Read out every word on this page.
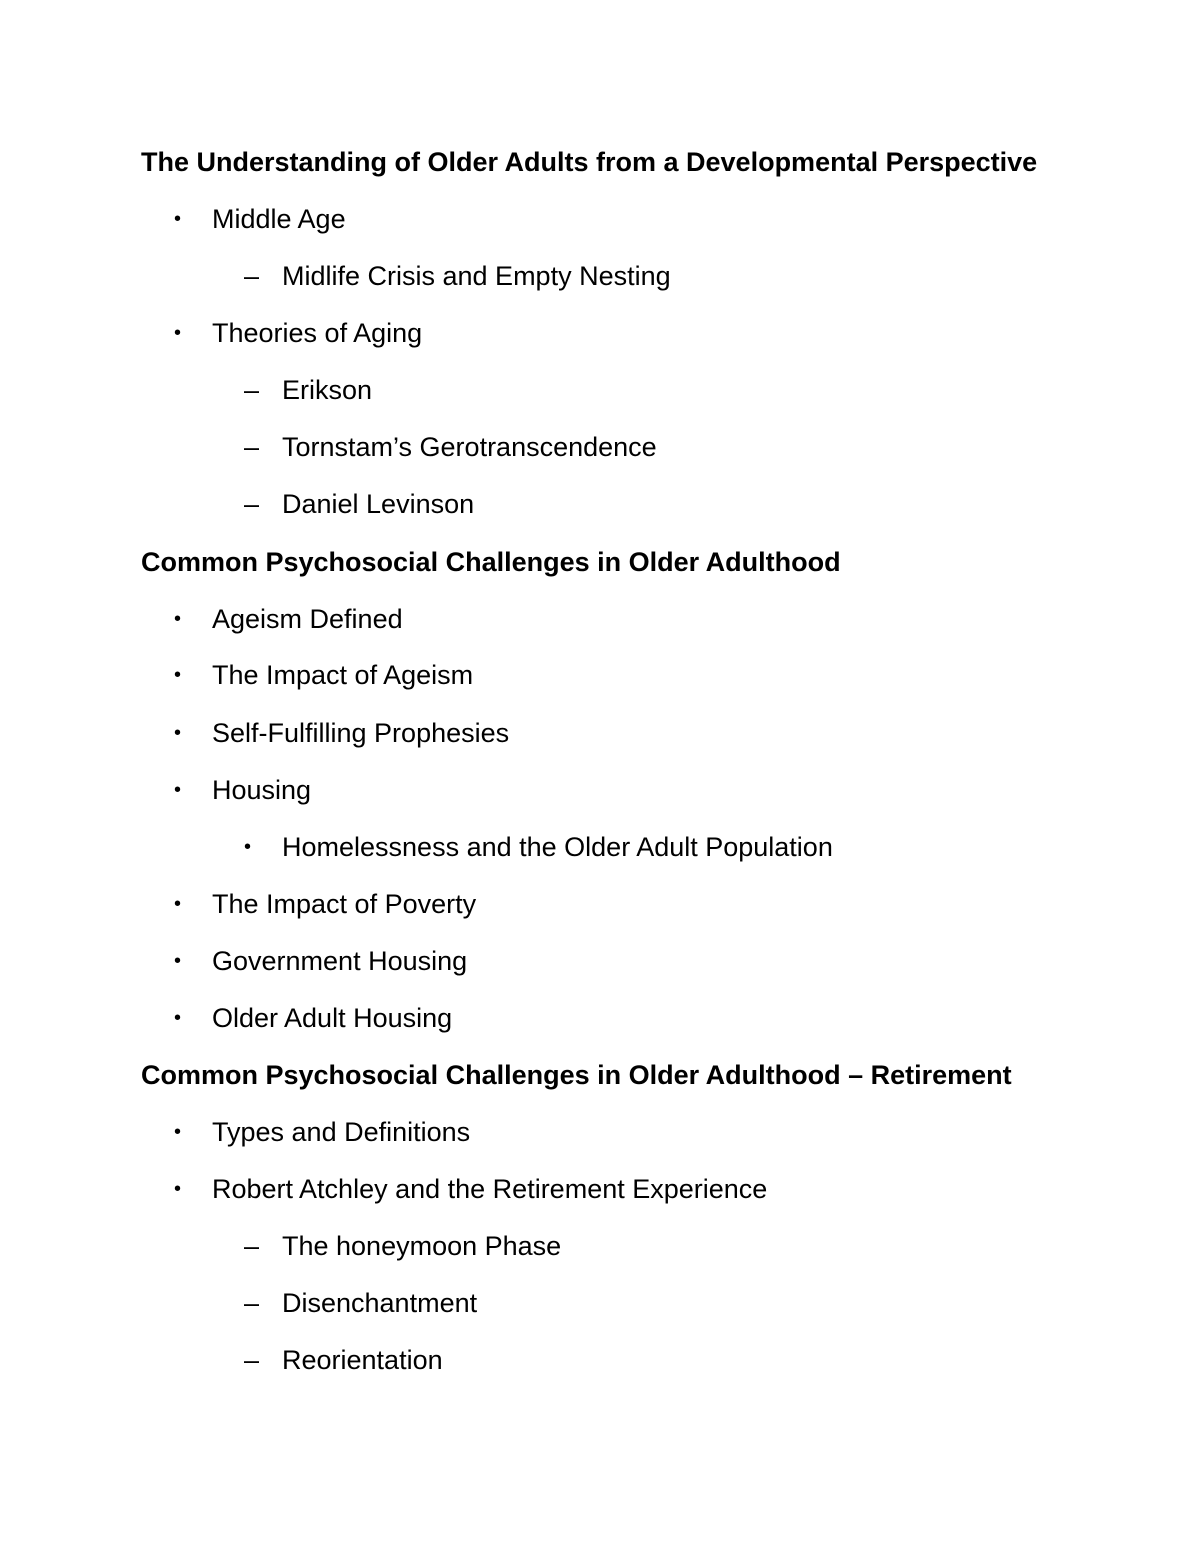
The Understanding of Older Adults from a Developmental Perspective
• Middle Age
– Midlife Crisis and Empty Nesting
• Theories of Aging
– Erikson
– Tornstam’s Gerotranscendence
– Daniel Levinson
Common Psychosocial Challenges in Older Adulthood
• Ageism Defined
• The Impact of Ageism
• Self-Fulfilling Prophesies
• Housing
• Homelessness and the Older Adult Population
• The Impact of Poverty
• Government Housing
• Older Adult Housing
Common Psychosocial Challenges in Older Adulthood – Retirement
• Types and Definitions
• Robert Atchley and the Retirement Experience
– The honeymoon Phase
– Disenchantment
– Reorientation
